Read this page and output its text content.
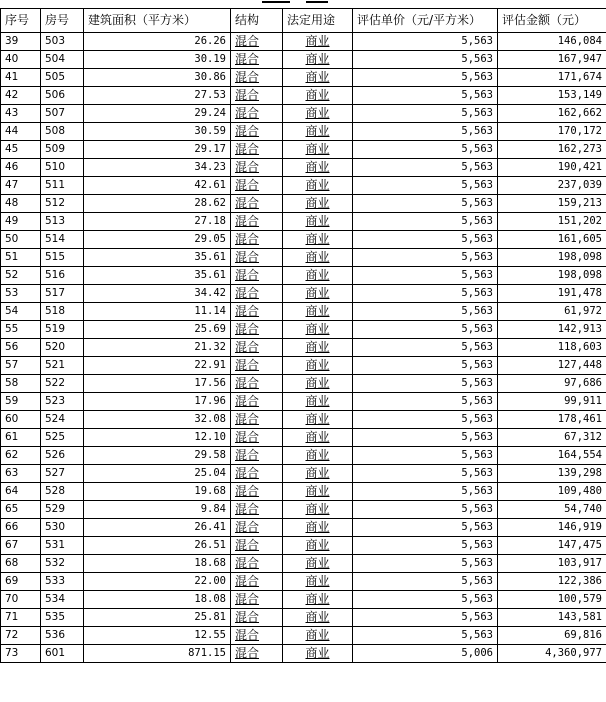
序号	房号	建筑面积（平方米）	结构	法定用途	评估单价（元/平方米）	评估金额（元）
39	503	26.26	混合	商业	5,563	146,084
40	504	30.19	混合	商业	5,563	167,947
41	505	30.86	混合	商业	5,563	171,674
42	506	27.53	混合	商业	5,563	153,149
43	507	29.24	混合	商业	5,563	162,662
44	508	30.59	混合	商业	5,563	170,172
45	509	29.17	混合	商业	5,563	162,273
46	510	34.23	混合	商业	5,563	190,421
47	511	42.61	混合	商业	5,563	237,039
48	512	28.62	混合	商业	5,563	159,213
49	513	27.18	混合	商业	5,563	151,202
50	514	29.05	混合	商业	5,563	161,605
51	515	35.61	混合	商业	5,563	198,098
52	516	35.61	混合	商业	5,563	198,098
53	517	34.42	混合	商业	5,563	191,478
54	518	11.14	混合	商业	5,563	61,972
55	519	25.69	混合	商业	5,563	142,913
56	520	21.32	混合	商业	5,563	118,603
57	521	22.91	混合	商业	5,563	127,448
58	522	17.56	混合	商业	5,563	97,686
59	523	17.96	混合	商业	5,563	99,911
60	524	32.08	混合	商业	5,563	178,461
61	525	12.10	混合	商业	5,563	67,312
62	526	29.58	混合	商业	5,563	164,554
63	527	25.04	混合	商业	5,563	139,298
64	528	19.68	混合	商业	5,563	109,480
65	529	9.84	混合	商业	5,563	54,740
66	530	26.41	混合	商业	5,563	146,919
67	531	26.51	混合	商业	5,563	147,475
68	532	18.68	混合	商业	5,563	103,917
69	533	22.00	混合	商业	5,563	122,386
70	534	18.08	混合	商业	5,563	100,579
71	535	25.81	混合	商业	5,563	143,581
72	536	12.55	混合	商业	5,563	69,816
73	601	871.15	混合	商业	5,006	4,360,977
